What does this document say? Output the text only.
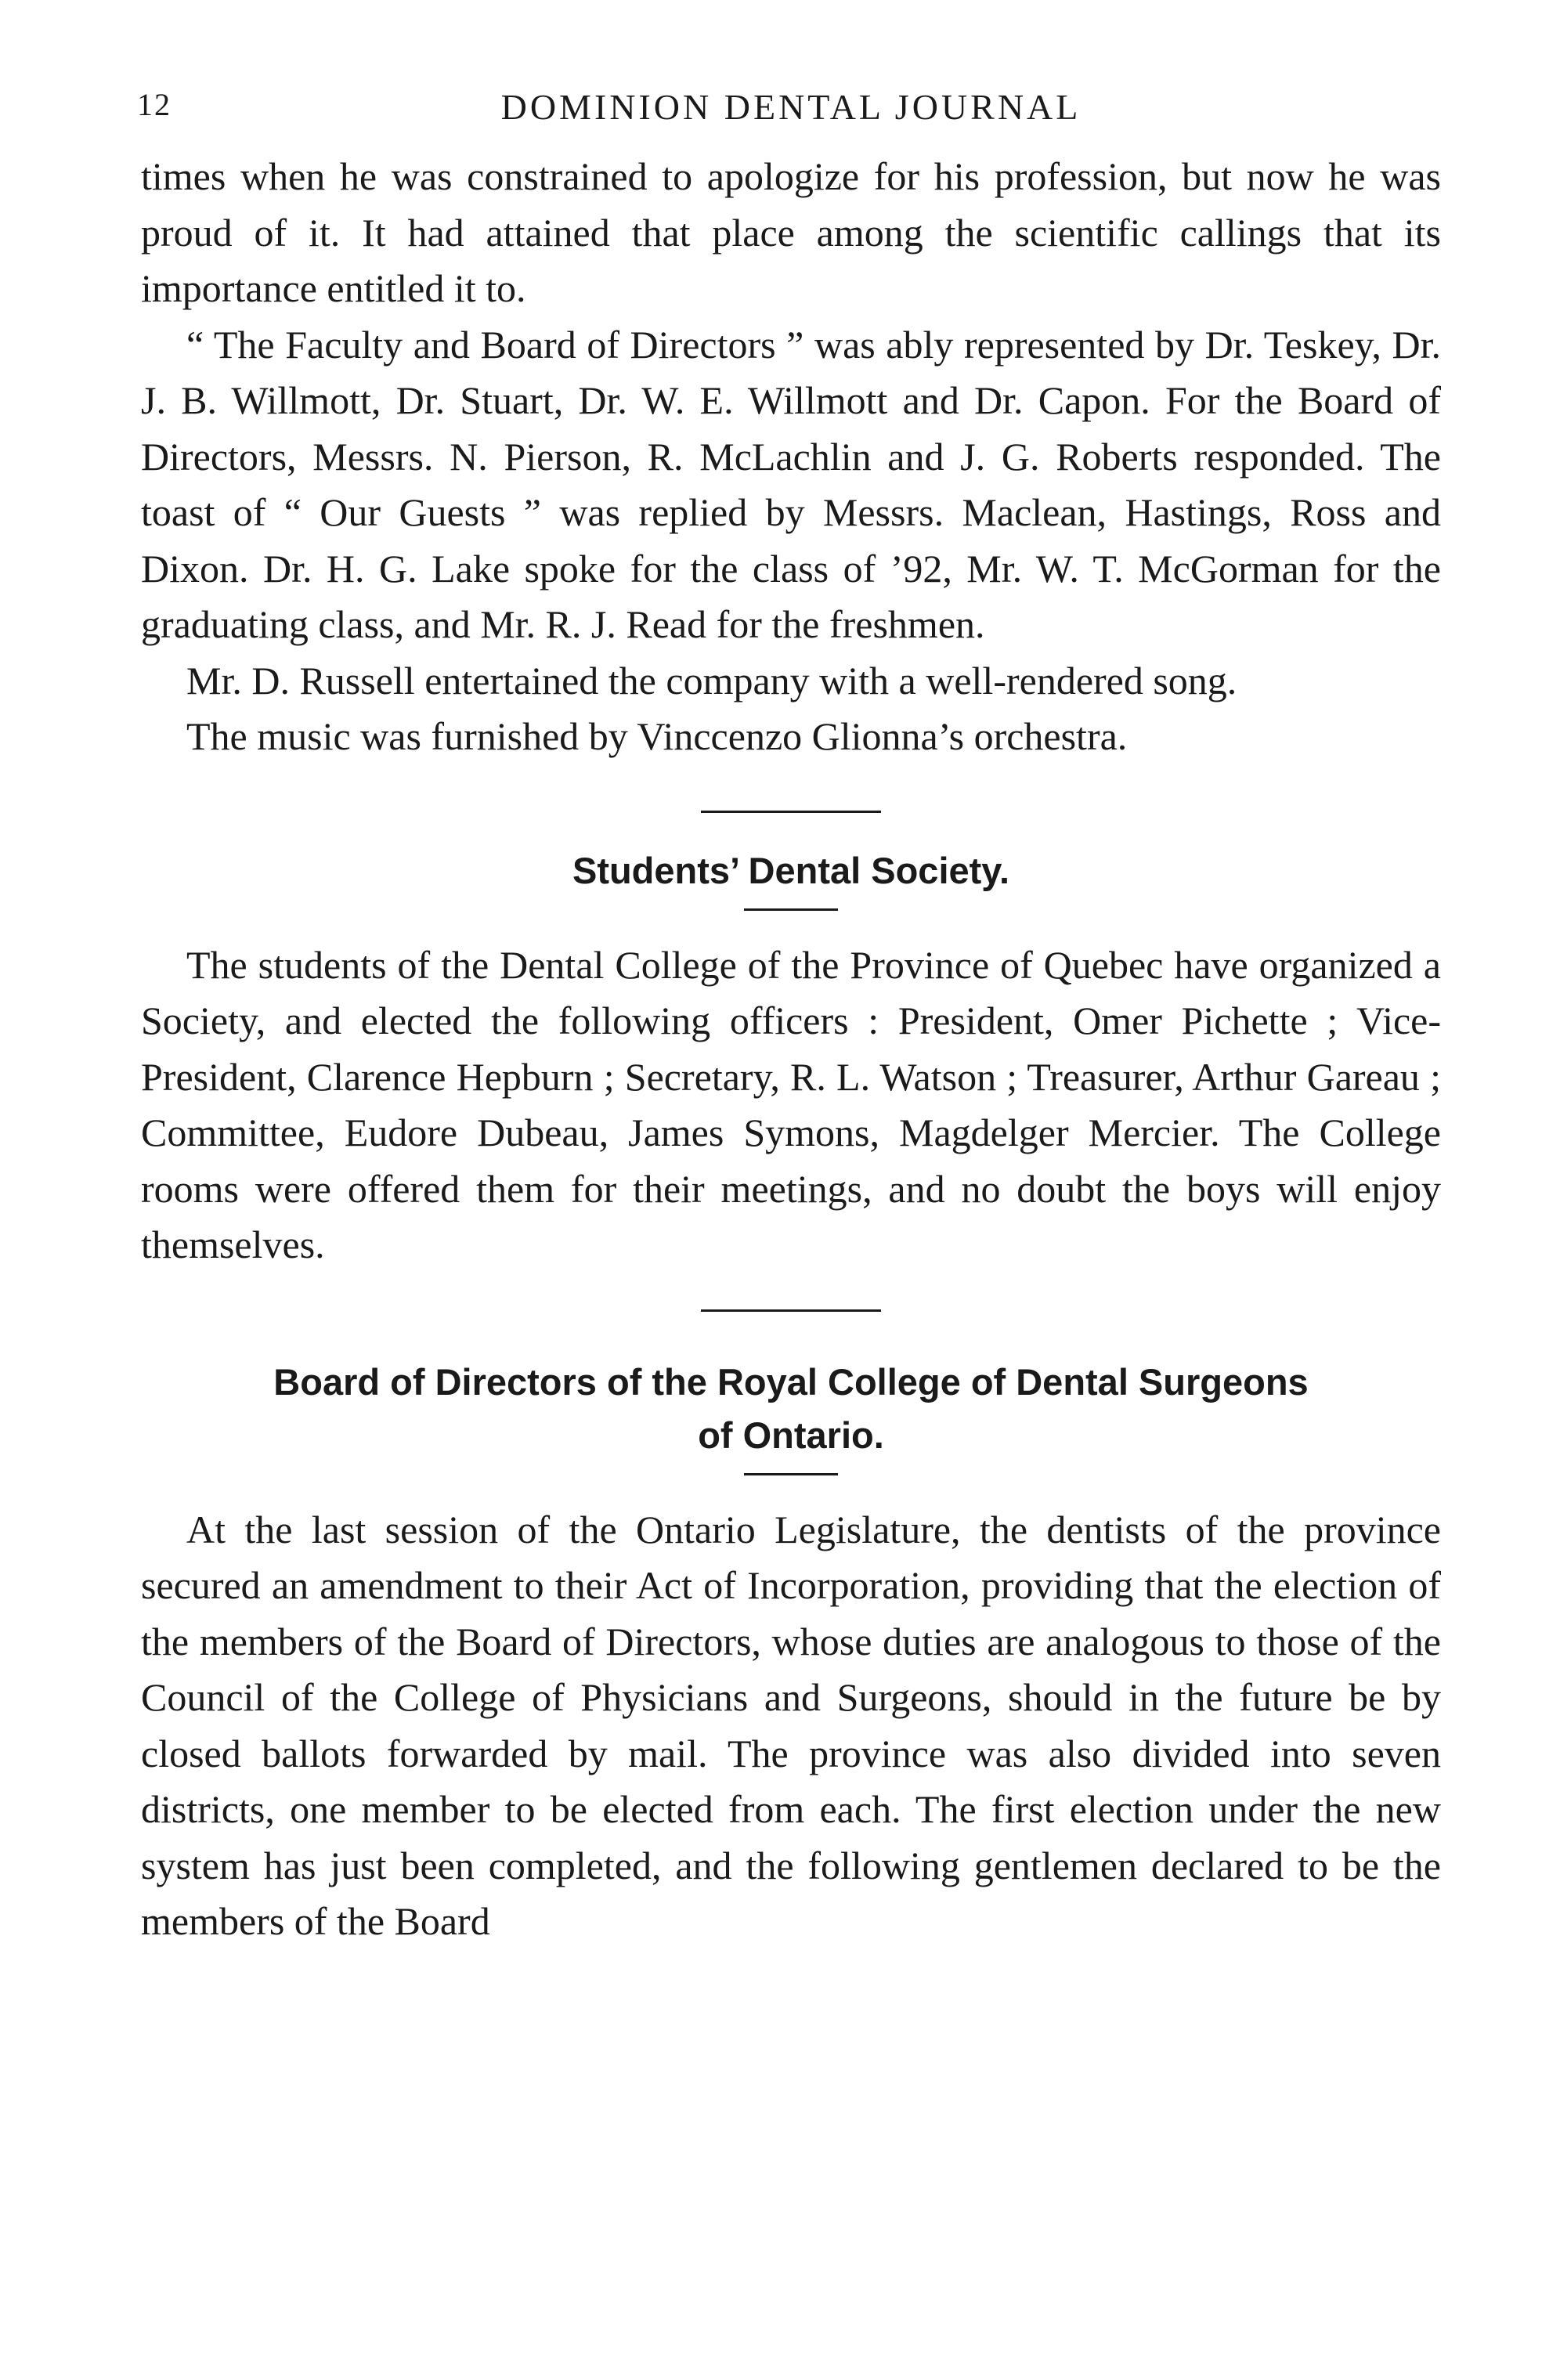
12	DOMINION DENTAL JOURNAL

times when he was constrained to apologize for his profession, but now he was proud of it. It had attained that place among the scientific callings that its importance entitled it to.

“ The Faculty and Board of Directors ” was ably represented by Dr. Teskey, Dr. J. B. Willmott, Dr. Stuart, Dr. W. E. Willmott and Dr. Capon. For the Board of Directors, Messrs. N. Pierson, R. McLachlin and J. G. Roberts responded. The toast of “ Our Guests ” was replied by Messrs. Maclean, Hastings, Ross and Dixon. Dr. H. G. Lake spoke for the class of ’92, Mr. W. T. McGorman for the graduating class, and Mr. R. J. Read for the freshmen.

Mr. D. Russell entertained the company with a well-rendered song.

The music was furnished by Vinccenzo Glionna’s orchestra.

Students’ Dental Society.

The students of the Dental College of the Province of Quebec have organized a Society, and elected the following officers : President, Omer Pichette ; Vice-President, Clarence Hepburn ; Secretary, R. L. Watson ; Treasurer, Arthur Gareau ; Committee, Eudore Dubeau, James Symons, Magdelger Mercier. The College rooms were offered them for their meetings, and no doubt the boys will enjoy themselves.

Board of Directors of the Royal College of Dental Surgeons
of Ontario.

At the last session of the Ontario Legislature, the dentists of the province secured an amendment to their Act of Incorporation, providing that the election of the members of the Board of Directors, whose duties are analogous to those of the Council of the College of Physicians and Surgeons, should in the future be by closed ballots forwarded by mail. The province was also divided into seven districts, one member to be elected from each. The first election under the new system has just been completed, and the following gentlemen declared to be the members of the Board
